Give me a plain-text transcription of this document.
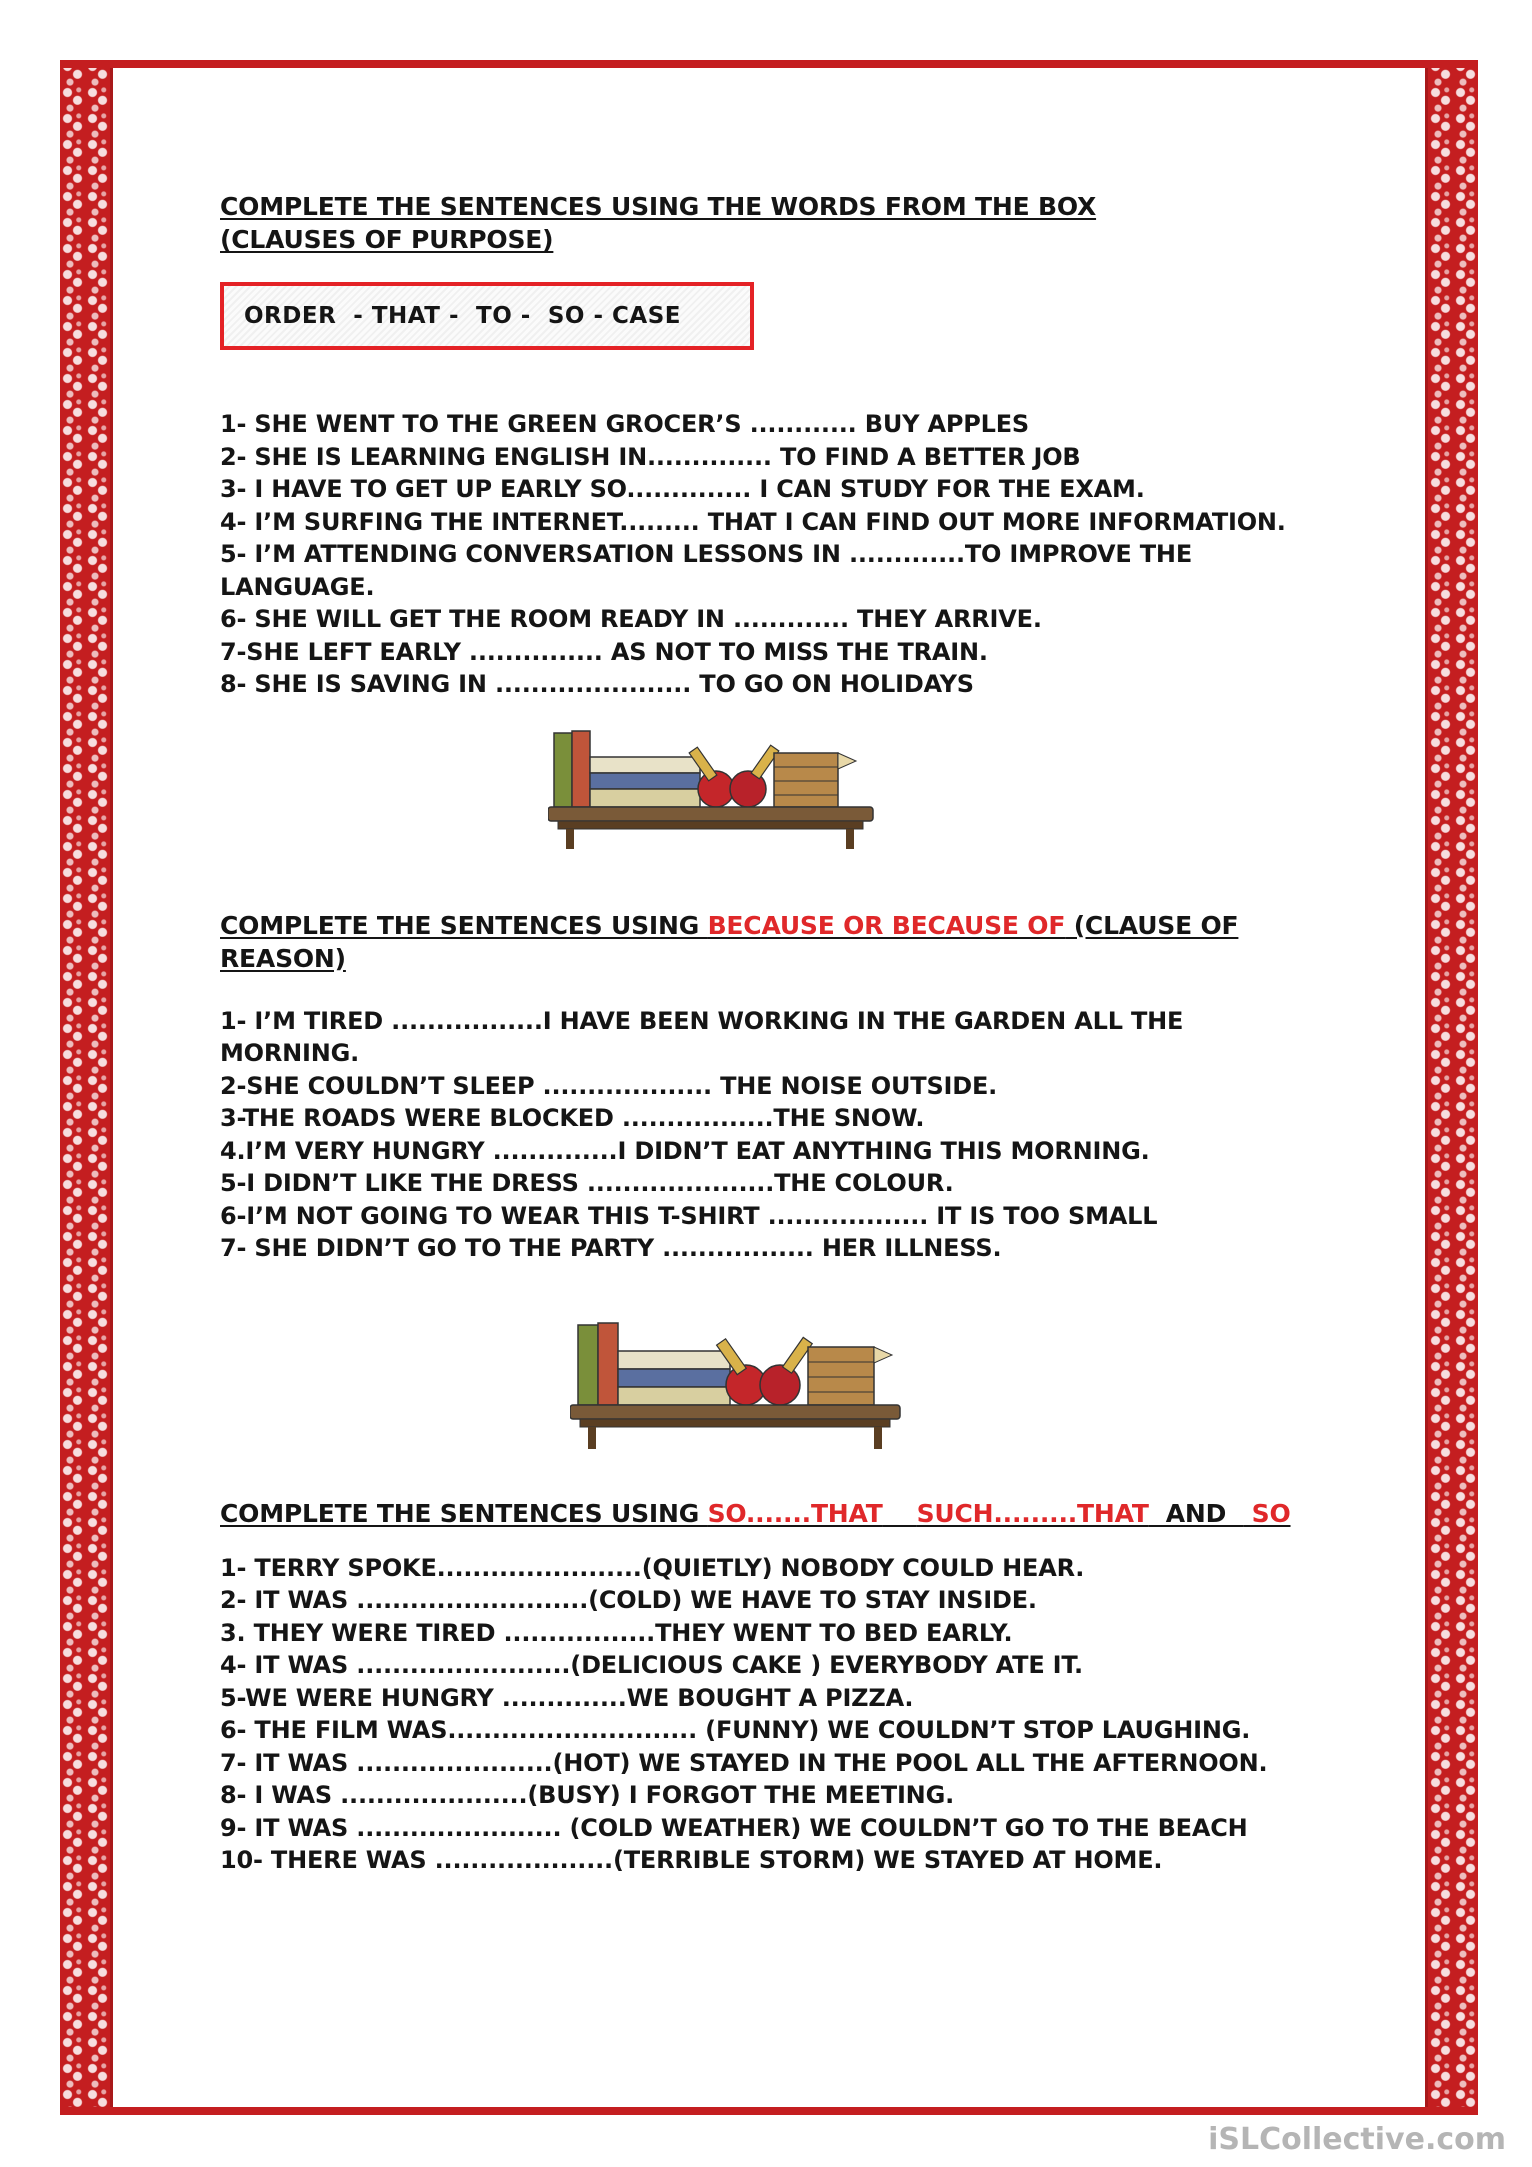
COMPLETE THE SENTENCES USING THE WORDS FROM THE BOX (CLAUSES OF PURPOSE)

ORDER  - THAT -  TO -  SO - CASE
1- SHE WENT TO THE GREEN GROCER’S ............ BUY APPLES
2- SHE IS LEARNING ENGLISH IN.............. TO FIND A BETTER JOB
3- I HAVE TO GET UP EARLY SO.............. I CAN STUDY FOR THE EXAM.
4- I’M SURFING THE INTERNET......... THAT I CAN FIND OUT MORE INFORMATION.
5- I’M ATTENDING CONVERSATION LESSONS IN .............TO IMPROVE THE LANGUAGE.
6- SHE WILL GET THE ROOM READY IN ............. THEY ARRIVE.
7-SHE LEFT EARLY ............... AS NOT TO MISS THE TRAIN.
8- SHE IS SAVING IN ...................... TO GO ON HOLIDAYS

COMPLETE THE SENTENCES USING BECAUSE OR BECAUSE OF (CLAUSE OF REASON)

1- I’M TIRED .................I HAVE BEEN WORKING IN THE GARDEN ALL THE MORNING.
2-SHE COULDN’T SLEEP ................... THE NOISE OUTSIDE.
3-THE ROADS WERE BLOCKED .................THE SNOW.
4.I’M VERY HUNGRY ..............I DIDN’T EAT ANYTHING THIS MORNING.
5-I DIDN’T LIKE THE DRESS .....................THE COLOUR.
6-I’M NOT GOING TO WEAR THIS T-SHIRT .................. IT IS TOO SMALL
7- SHE DIDN’T GO TO THE PARTY ................. HER ILLNESS.

COMPLETE THE SENTENCES USING SO.......THAT SUCH.........THAT  AND   SO

1- TERRY SPOKE.......................(QUIETLY) NOBODY COULD HEAR.
2- IT WAS ..........................(COLD) WE HAVE TO STAY INSIDE.
3. THEY WERE TIRED .................THEY WENT TO BED EARLY.
4- IT WAS ........................(DELICIOUS CAKE ) EVERYBODY ATE IT.
5-WE WERE HUNGRY ..............WE BOUGHT A PIZZA.
6- THE FILM WAS............................ (FUNNY) WE COULDN’T STOP LAUGHING.
7- IT WAS ......................(HOT) WE STAYED IN THE POOL ALL THE AFTERNOON.
8- I WAS .....................(BUSY) I FORGOT THE MEETING.
9- IT WAS ....................... (COLD WEATHER) WE COULDN’T GO TO THE BEACH
10- THERE WAS ....................(TERRIBLE STORM) WE STAYED AT HOME.
iSLCollective.com
